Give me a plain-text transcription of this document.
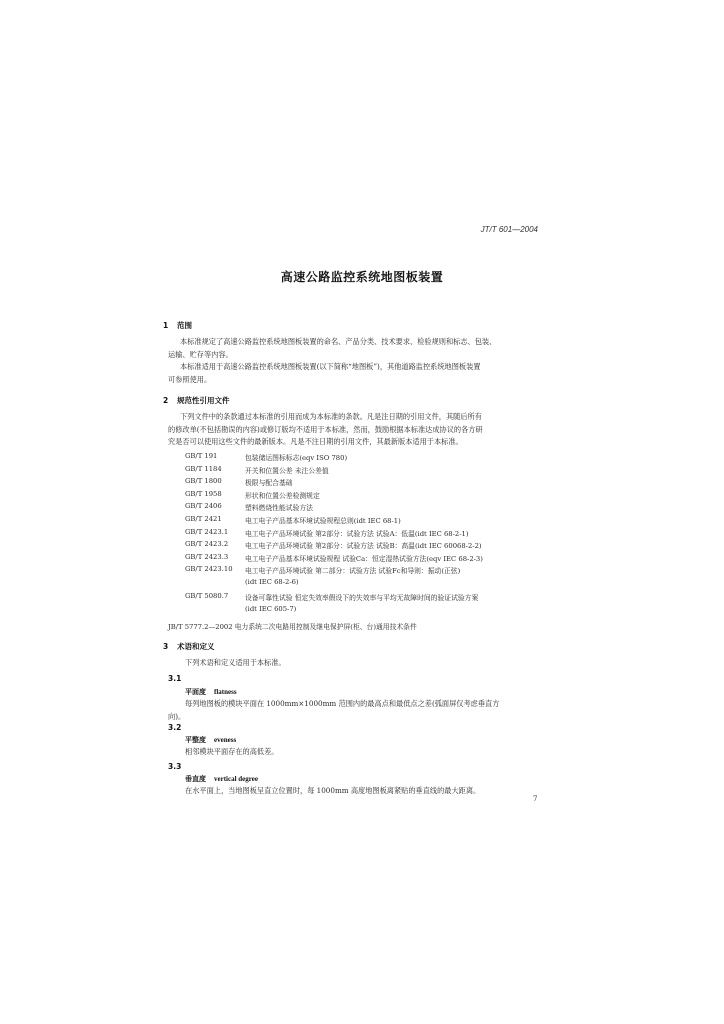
JT/T 601—2004
高速公路监控系统地图板装置
1 范围
本标准规定了高速公路监控系统地图板装置的命名、产品分类、技术要求、检验规则和标志、包装、
运输、贮存等内容。
本标准适用于高速公路监控系统地图板装置(以下简称“地图板”)，其他道路监控系统地图板装置
可参照使用。
2 规范性引用文件
下列文件中的条款通过本标准的引用而成为本标准的条款。凡是注日期的引用文件，其随后所有
的修改单(不包括勘误的内容)或修订版均不适用于本标准，然而，鼓励根据本标准达成协议的各方研
究是否可以使用这些文件的最新版本。凡是不注日期的引用文件，其最新版本适用于本标准。
GB/T 191	包装储运图标标志(eqv ISO 780)
GB/T 1184	开关和位置公差 未注公差值
GB/T 1800	极限与配合基础
GB/T 1958	形状和位置公差检测规定
GB/T 2406	塑料燃烧性能试验方法
GB/T 2421	电工电子产品基本环境试验规程总则(idt IEC 68-1)
GB/T 2423.1	电工电子产品环境试验 第2部分：试验方法 试验A：低温(idt IEC 68-2-1)
GB/T 2423.2	电工电子产品环境试验 第2部分：试验方法 试验B：高温(idt IEC 60068-2-2)
GB/T 2423.3	电工电子产品基本环境试验规程 试验Ca：恒定湿热试验方法(eqv IEC 68-2-3)
GB/T 2423.10	电工电子产品环境试验 第二部分：试验方法 试验Fc和导则：振动(正弦)
(idt IEC 68-2-6)
GB/T 5080.7	设备可靠性试验 恒定失效率假设下的失效率与平均无故障时间的验证试验方案
(idt IEC 605-7)
JB/T 5777.2—2002 电力系统二次电路用控制及继电保护屏(柜、台)通用技术条件
3 术语和定义
下列术语和定义适用于本标准。
3.1
平面度 flatness
每列地图板的模块平面在 1000mm×1000mm 范围内的最高点和最低点之差(弧面屏仅考虑垂直方
向)。
3.2
平整度 eveness
相邻模块平面存在的高低差。
3.3
垂直度 vertical degree
在水平面上，当地图板呈直立位置时，每 1000mm 高度地图板离紧贴的垂直线的最大距离。
7
